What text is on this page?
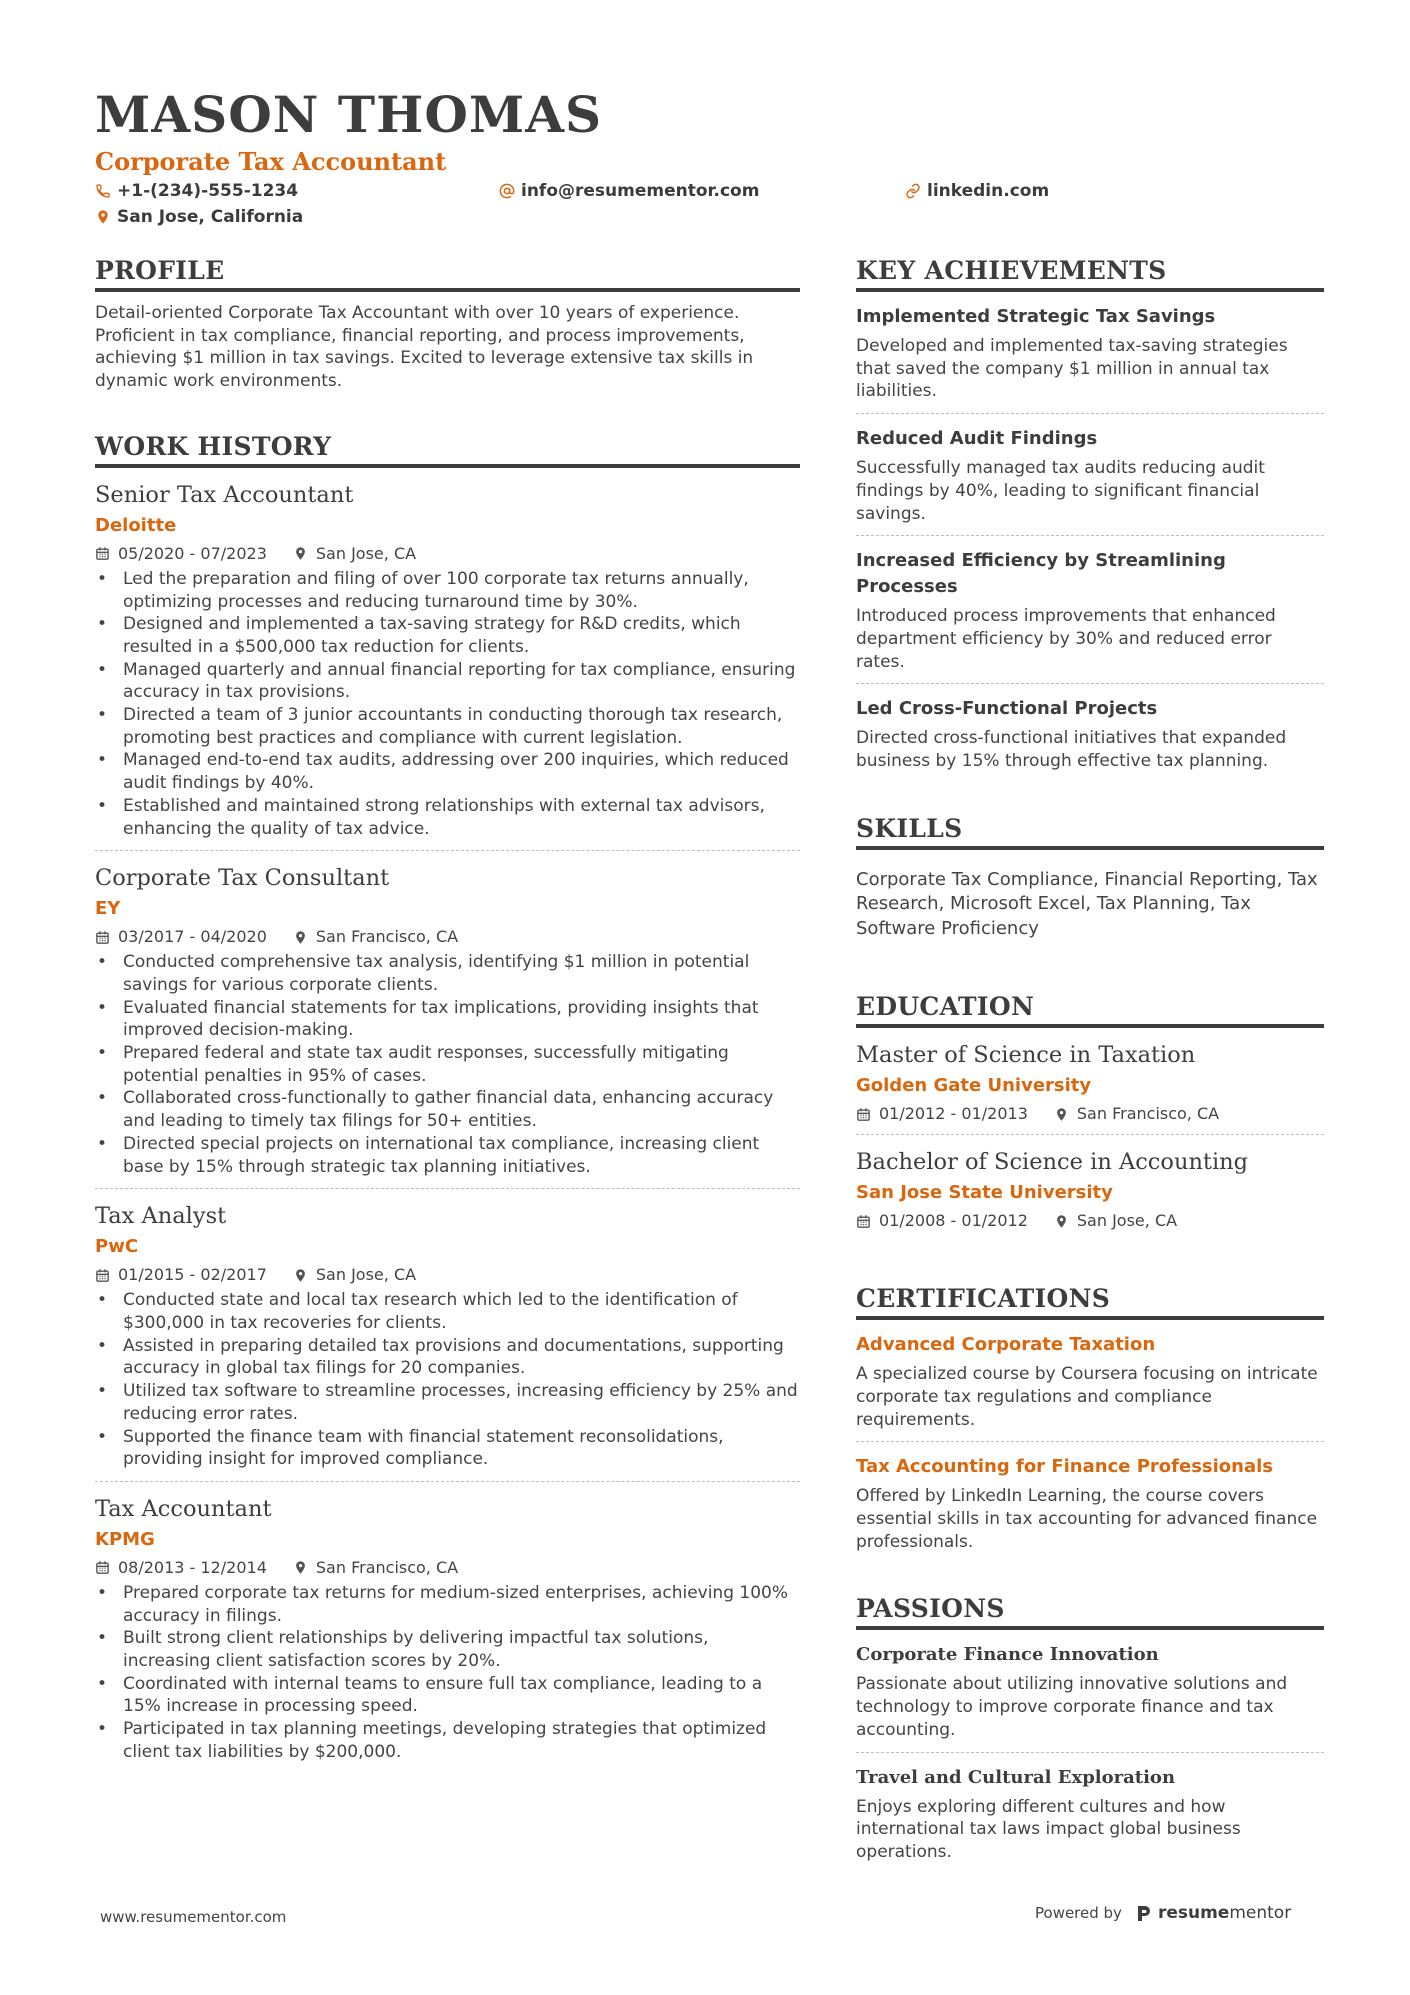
MASON THOMAS
Corporate Tax Accountant
+1-(234)-555-1234	info@resumementor.com	linkedin.com
San Jose, California
PROFILE
Detail-oriented Corporate Tax Accountant with over 10 years of experience. Proficient in tax compliance, financial reporting, and process improvements, achieving $1 million in tax savings. Excited to leverage extensive tax skills in dynamic work environments.
WORK HISTORY
Senior Tax Accountant
Deloitte
05/2020 - 07/2023	San Jose, CA
• Led the preparation and filing of over 100 corporate tax returns annually, optimizing processes and reducing turnaround time by 30%.
• Designed and implemented a tax-saving strategy for R&D credits, which resulted in a $500,000 tax reduction for clients.
• Managed quarterly and annual financial reporting for tax compliance, ensuring accuracy in tax provisions.
• Directed a team of 3 junior accountants in conducting thorough tax research, promoting best practices and compliance with current legislation.
• Managed end-to-end tax audits, addressing over 200 inquiries, which reduced audit findings by 40%.
• Established and maintained strong relationships with external tax advisors, enhancing the quality of tax advice.
Corporate Tax Consultant
EY
03/2017 - 04/2020	San Francisco, CA
• Conducted comprehensive tax analysis, identifying $1 million in potential savings for various corporate clients.
• Evaluated financial statements for tax implications, providing insights that improved decision-making.
• Prepared federal and state tax audit responses, successfully mitigating potential penalties in 95% of cases.
• Collaborated cross-functionally to gather financial data, enhancing accuracy and leading to timely tax filings for 50+ entities.
• Directed special projects on international tax compliance, increasing client base by 15% through strategic tax planning initiatives.
Tax Analyst
PwC
01/2015 - 02/2017	San Jose, CA
• Conducted state and local tax research which led to the identification of $300,000 in tax recoveries for clients.
• Assisted in preparing detailed tax provisions and documentations, supporting accuracy in global tax filings for 20 companies.
• Utilized tax software to streamline processes, increasing efficiency by 25% and reducing error rates.
• Supported the finance team with financial statement reconsolidations, providing insight for improved compliance.
Tax Accountant
KPMG
08/2013 - 12/2014	San Francisco, CA
• Prepared corporate tax returns for medium-sized enterprises, achieving 100% accuracy in filings.
• Built strong client relationships by delivering impactful tax solutions, increasing client satisfaction scores by 20%.
• Coordinated with internal teams to ensure full tax compliance, leading to a 15% increase in processing speed.
• Participated in tax planning meetings, developing strategies that optimized client tax liabilities by $200,000.
KEY ACHIEVEMENTS
Implemented Strategic Tax Savings
Developed and implemented tax-saving strategies that saved the company $1 million in annual tax liabilities.
Reduced Audit Findings
Successfully managed tax audits reducing audit findings by 40%, leading to significant financial savings.
Increased Efficiency by Streamlining Processes
Introduced process improvements that enhanced department efficiency by 30% and reduced error rates.
Led Cross-Functional Projects
Directed cross-functional initiatives that expanded business by 15% through effective tax planning.
SKILLS
Corporate Tax Compliance, Financial Reporting, Tax Research, Microsoft Excel, Tax Planning, Tax Software Proficiency
EDUCATION
Master of Science in Taxation
Golden Gate University
01/2012 - 01/2013	San Francisco, CA
Bachelor of Science in Accounting
San Jose State University
01/2008 - 01/2012	San Jose, CA
CERTIFICATIONS
Advanced Corporate Taxation
A specialized course by Coursera focusing on intricate corporate tax regulations and compliance requirements.
Tax Accounting for Finance Professionals
Offered by LinkedIn Learning, the course covers essential skills in tax accounting for advanced finance professionals.
PASSIONS
Corporate Finance Innovation
Passionate about utilizing innovative solutions and technology to improve corporate finance and tax accounting.
Travel and Cultural Exploration
Enjoys exploring different cultures and how international tax laws impact global business operations.
www.resumementor.com	Powered by resumementor
